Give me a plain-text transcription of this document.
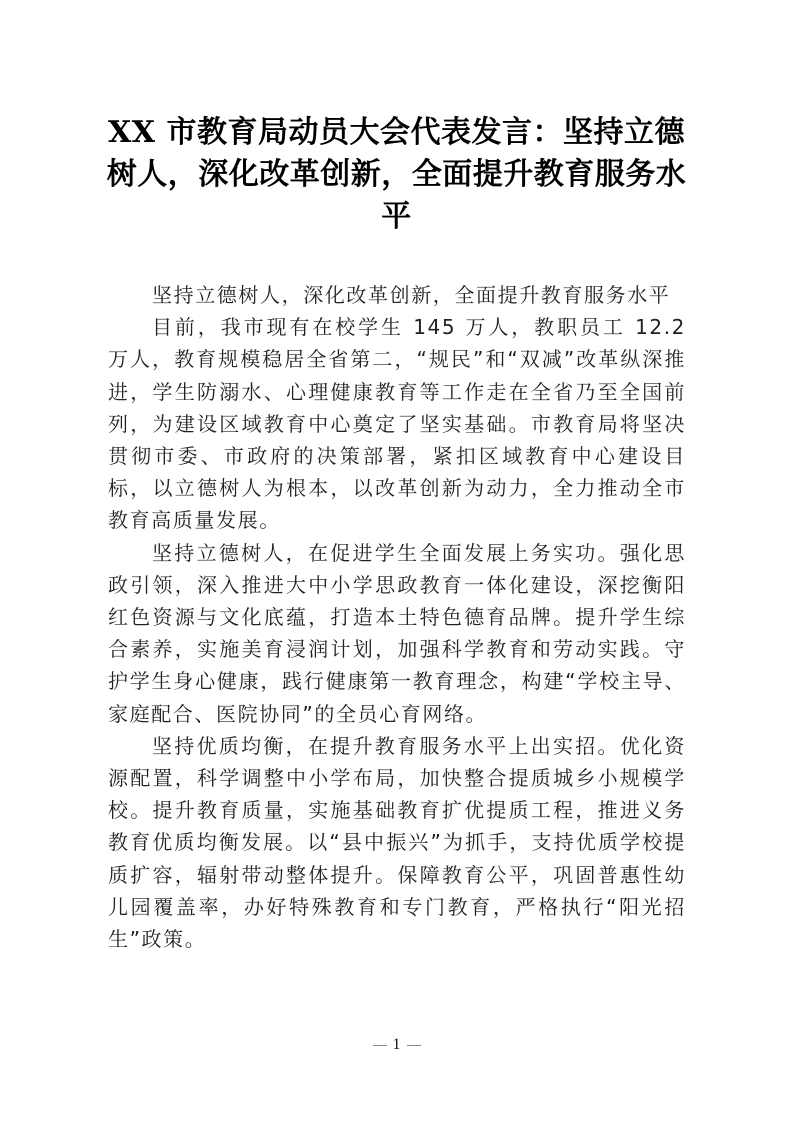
XX 市教育局动员大会代表发言：坚持立德树人，深化改革创新，全面提升教育服务水平

坚持立德树人，深化改革创新，全面提升教育服务水平

目前，我市现有在校学生 145 万人，教职员工 12.2 万人，教育规模稳居全省第二，“规民”和“双减”改革纵深推进，学生防溺水、心理健康教育等工作走在全省乃至全国前列，为建设区域教育中心奠定了坚实基础。市教育局将坚决贯彻市委、市政府的决策部署，紧扣区域教育中心建设目标，以立德树人为根本，以改革创新为动力，全力推动全市教育高质量发展。

坚持立德树人，在促进学生全面发展上务实功。强化思政引领，深入推进大中小学思政教育一体化建设，深挖衡阳红色资源与文化底蕴，打造本土特色德育品牌。提升学生综合素养，实施美育浸润计划，加强科学教育和劳动实践。守护学生身心健康，践行健康第一教育理念，构建“学校主导、家庭配合、医院协同”的全员心育网络。

坚持优质均衡，在提升教育服务水平上出实招。优化资源配置，科学调整中小学布局，加快整合提质城乡小规模学校。提升教育质量，实施基础教育扩优提质工程，推进义务教育优质均衡发展。以“县中振兴”为抓手，支持优质学校提质扩容，辐射带动整体提升。保障教育公平，巩固普惠性幼儿园覆盖率，办好特殊教育和专门教育，严格执行“阳光招生”政策。

1
